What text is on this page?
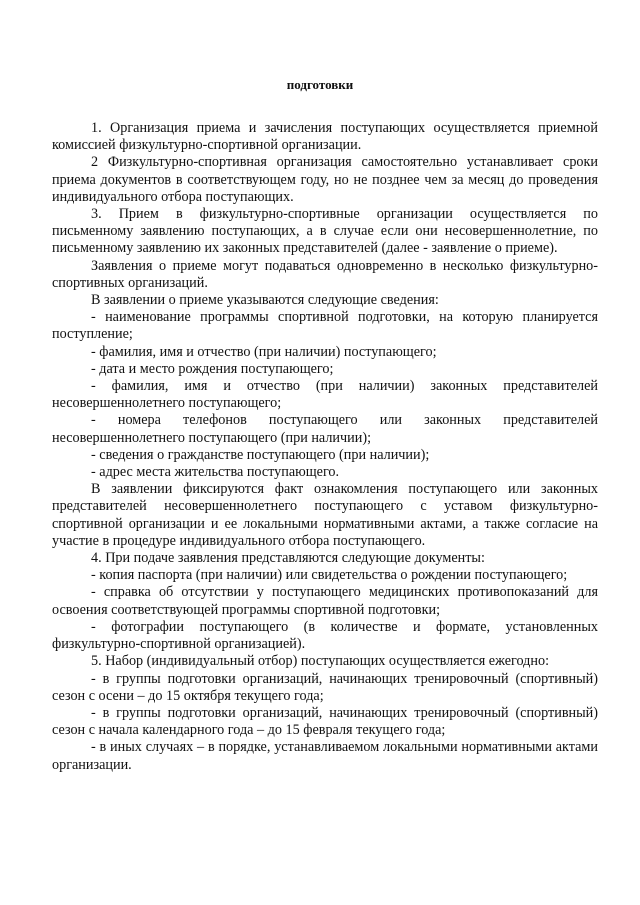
подготовки

1. Организация приема и зачисления поступающих осуществляется приемной комиссией физкультурно-спортивной организации.

2 Физкультурно-спортивная организация самостоятельно устанавливает сроки приема документов в соответствующем году, но не позднее чем за месяц до проведения индивидуального отбора поступающих.

3. Прием в физкультурно-спортивные организации осуществляется по письменному заявлению поступающих, а в случае если они несовершеннолетние, по письменному заявлению их законных представителей (далее - заявление о приеме).

Заявления о приеме могут подаваться одновременно в несколько физкультурно-спортивных организаций.

В заявлении о приеме указываются следующие сведения:

- наименование программы спортивной подготовки, на которую планируется поступление;

- фамилия, имя и отчество (при наличии) поступающего;

- дата и место рождения поступающего;

- фамилия, имя и отчество (при наличии) законных представителей несовершеннолетнего поступающего;

- номера телефонов поступающего или законных представителей несовершеннолетнего поступающего (при наличии);

- сведения о гражданстве поступающего (при наличии);

- адрес места жительства поступающего.

В заявлении фиксируются факт ознакомления поступающего или законных представителей несовершеннолетнего поступающего с уставом физкультурно-спортивной организации и ее локальными нормативными актами, а также согласие на участие в процедуре индивидуального отбора поступающего.

4. При подаче заявления представляются следующие документы:

- копия паспорта (при наличии) или свидетельства о рождении поступающего;

- справка об отсутствии у поступающего медицинских противопоказаний для освоения соответствующей программы спортивной подготовки;

- фотографии поступающего (в количестве и формате, установленных физкультурно-спортивной организацией).

5. Набор (индивидуальный отбор) поступающих осуществляется ежегодно:

- в группы подготовки организаций, начинающих тренировочный (спортивный) сезон с осени – до 15 октября текущего года;

- в группы подготовки организаций, начинающих тренировочный (спортивный) сезон с начала календарного года – до 15 февраля текущего года;

- в иных случаях – в порядке, устанавливаемом локальными нормативными актами организации.
